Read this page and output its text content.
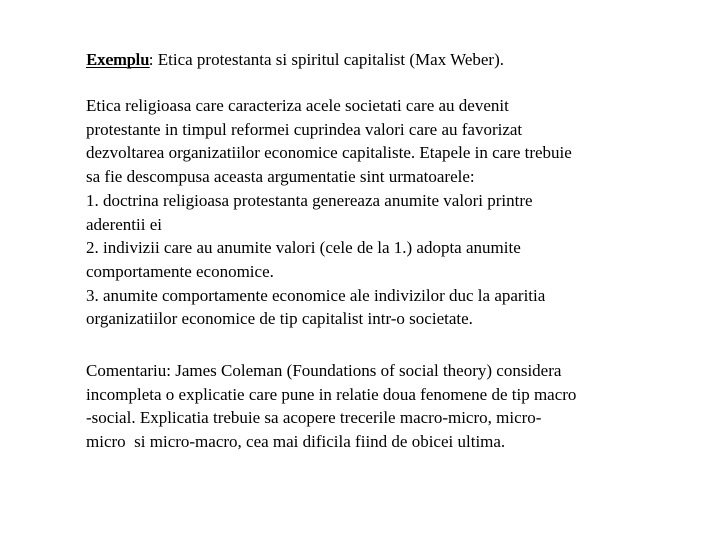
Exemplu: Etica protestanta si spiritul capitalist (Max Weber).

Etica religioasa care caracteriza acele societati care au devenit
protestante in timpul reformei cuprindea valori care au favorizat
dezvoltarea organizatiilor economice capitaliste. Etapele in care trebuie
sa fie descompusa aceasta argumentatie sint urmatoarele:
1. doctrina religioasa protestanta genereaza anumite valori printre
aderentii ei
2. indivizii care au anumite valori (cele de la 1.) adopta anumite
comportamente economice.
3. anumite comportamente economice ale indivizilor duc la aparitia
organizatiilor economice de tip capitalist intr-o societate.

Comentariu: James Coleman (Foundations of social theory) considera
incompleta o explicatie care pune in relatie doua fenomene de tip macro
-social. Explicatia trebuie sa acopere trecerile macro-micro, micro-
micro  si micro-macro, cea mai dificila fiind de obicei ultima.
